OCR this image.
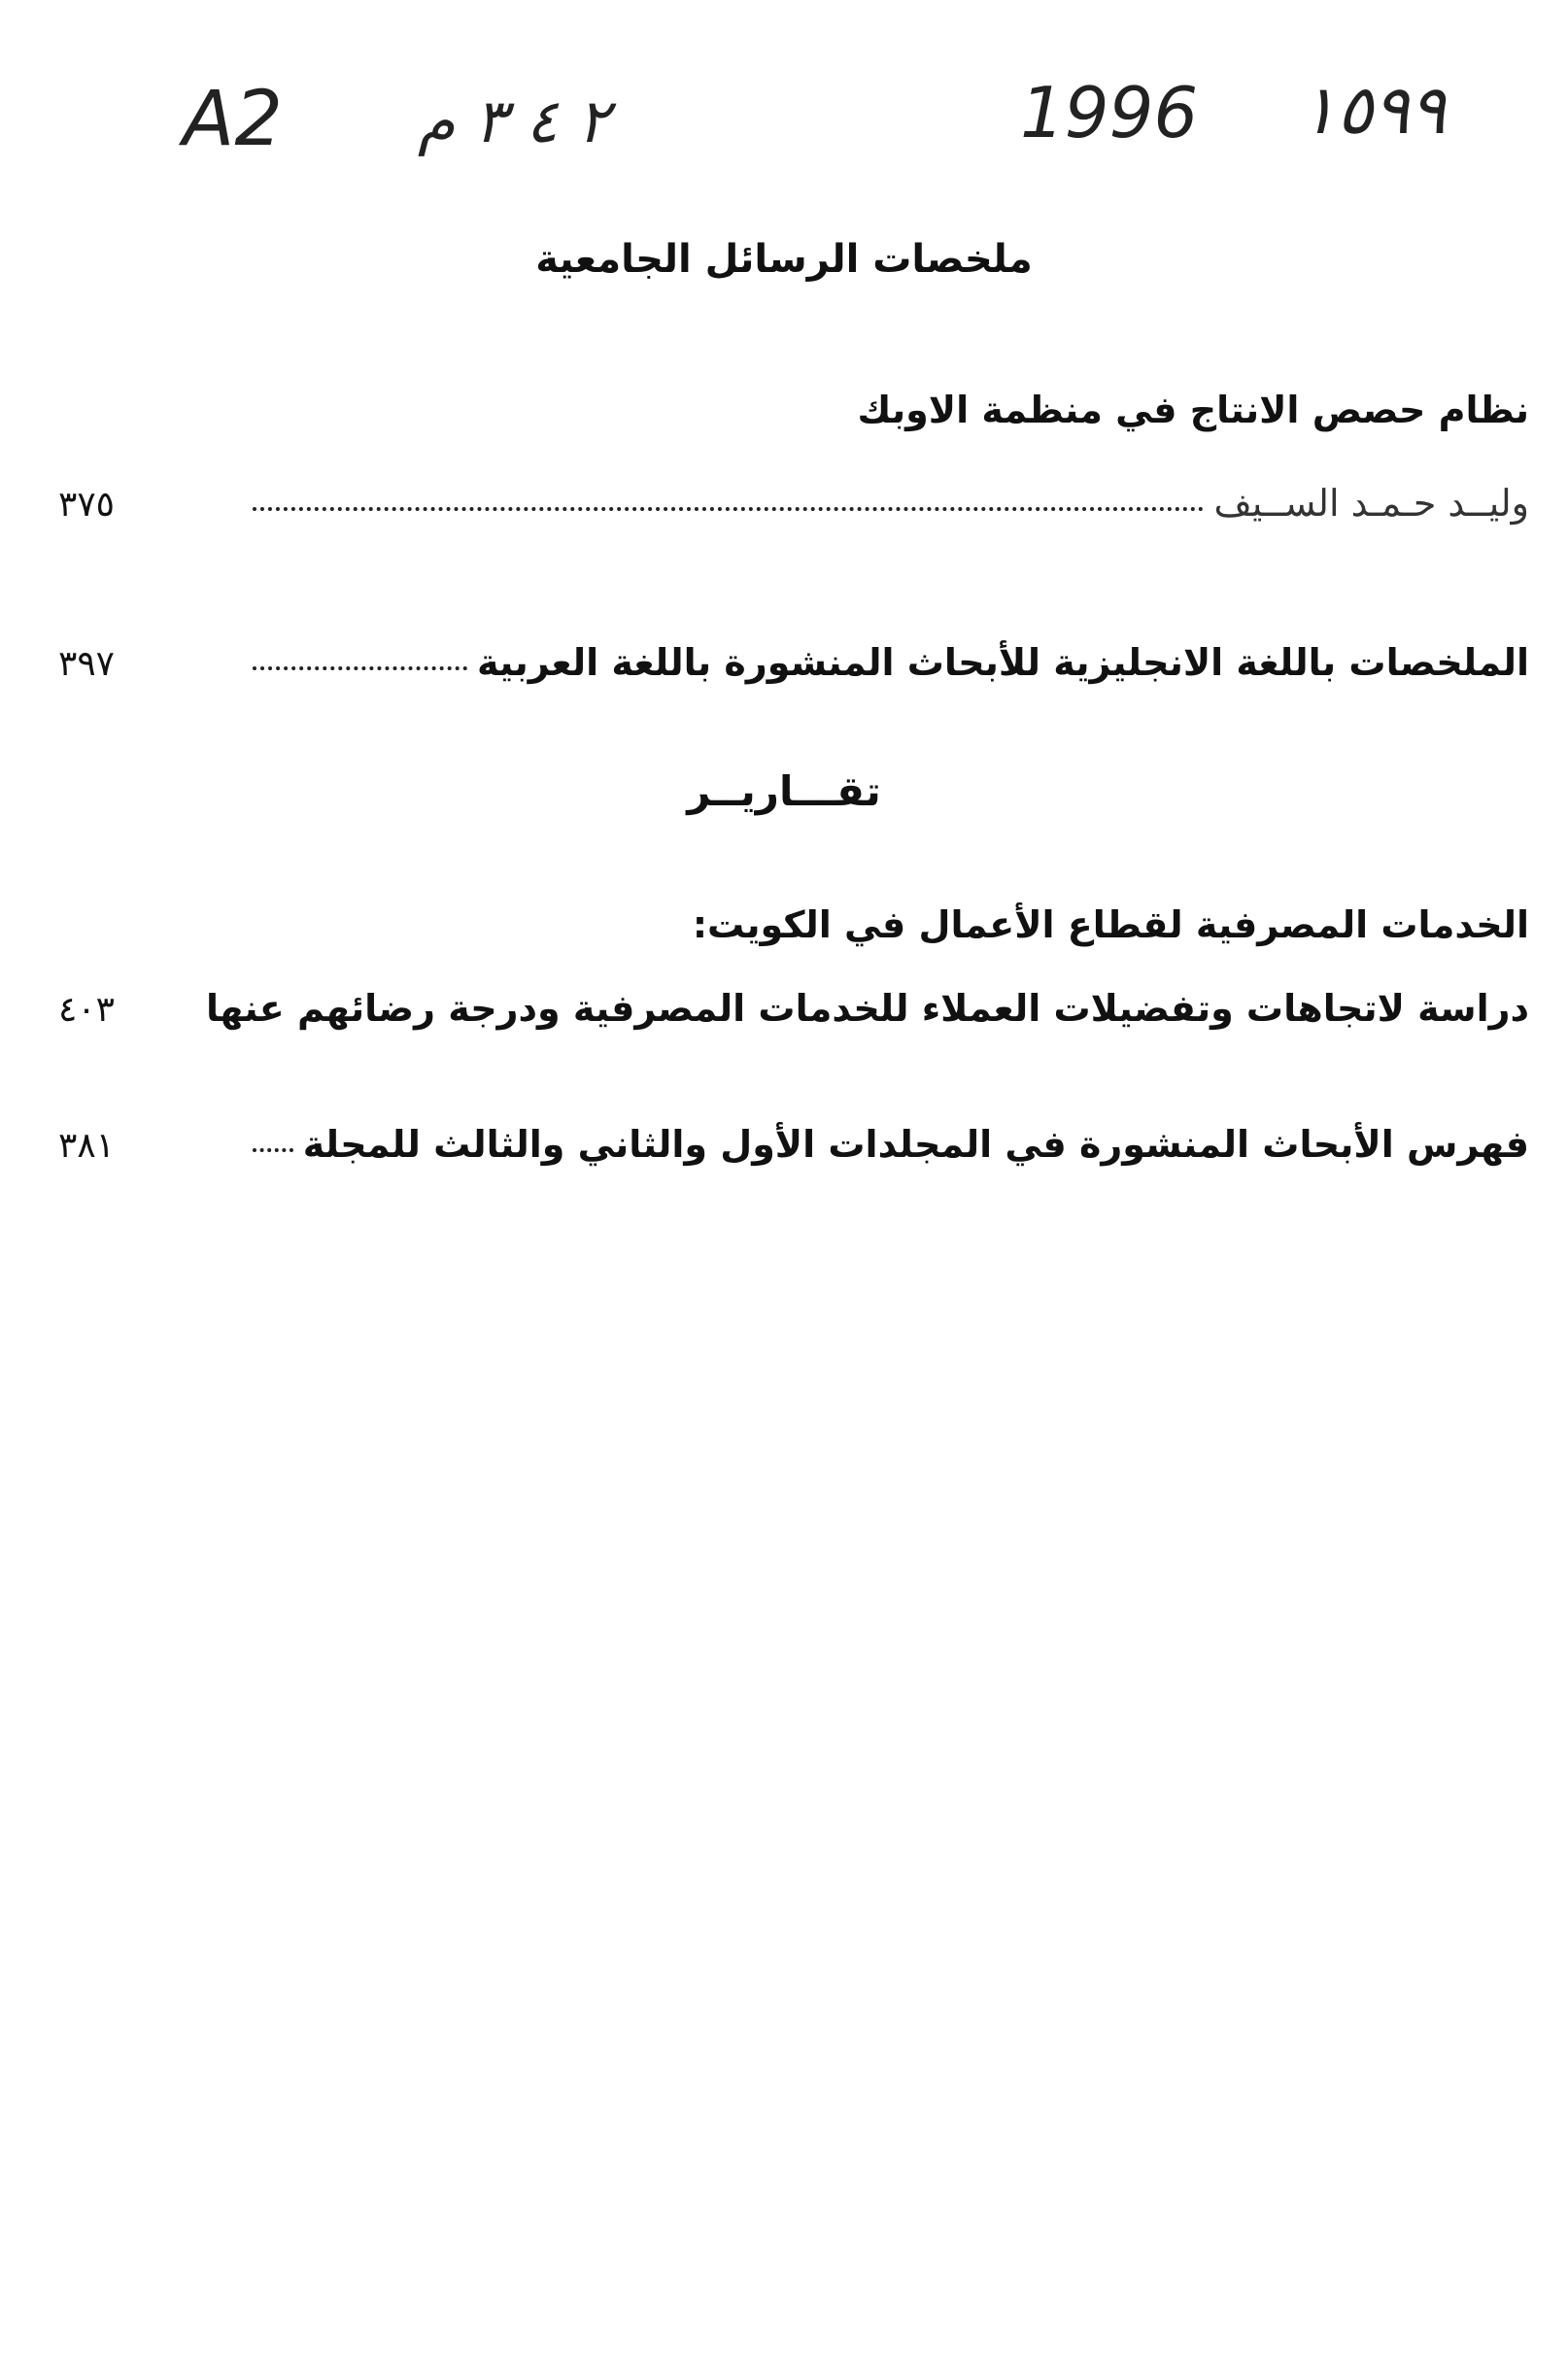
A2 ٢ ٤ ٣ م	1996 ١٥٩٩
ملخصات الرسائل الجامعية
نظام حصص الانتاج في منظمة الاوبك
٣٧٥	وليــد حـمـد الســيف
٣٩٧	الملخصات باللغة الانجليزية للأبحاث المنشورة باللغة العربية
تقـــاريــر
الخدمات المصرفية لقطاع الأعمال في الكويت:
٤٠٣ دراسة لاتجاهات وتفضيلات العملاء للخدمات المصرفية ودرجة رضائهم عنها
٣٨١	فهرس الأبحاث المنشورة في المجلدات الأول والثاني والثالث للمجلة
